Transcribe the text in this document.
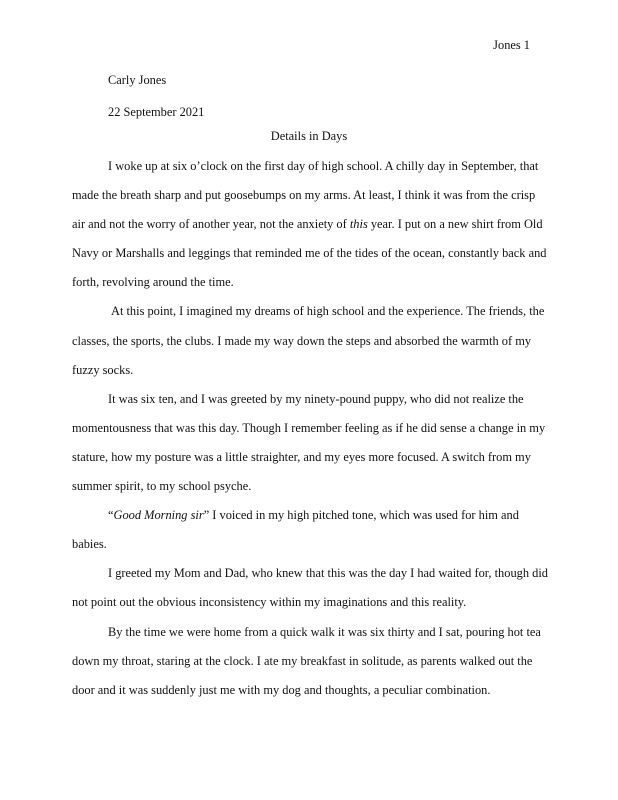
Jones 1
Carly Jones
22 September 2021
Details in Days

I woke up at six o’clock on the first day of high school. A chilly day in September, that made the breath sharp and put goosebumps on my arms. At least, I think it was from the crisp air and not the worry of another year, not the anxiety of this year. I put on a new shirt from Old Navy or Marshalls and leggings that reminded me of the tides of the ocean, constantly back and forth, revolving around the time.

At this point, I imagined my dreams of high school and the experience. The friends, the classes, the sports, the clubs. I made my way down the steps and absorbed the warmth of my fuzzy socks.

It was six ten, and I was greeted by my ninety-pound puppy, who did not realize the momentousness that was this day. Though I remember feeling as if he did sense a change in my stature, how my posture was a little straighter, and my eyes more focused. A switch from my summer spirit, to my school psyche.

“Good Morning sir” I voiced in my high pitched tone, which was used for him and babies.

I greeted my Mom and Dad, who knew that this was the day I had waited for, though did not point out the obvious inconsistency within my imaginations and this reality.

By the time we were home from a quick walk it was six thirty and I sat, pouring hot tea down my throat, staring at the clock. I ate my breakfast in solitude, as parents walked out the door and it was suddenly just me with my dog and thoughts, a peculiar combination.
